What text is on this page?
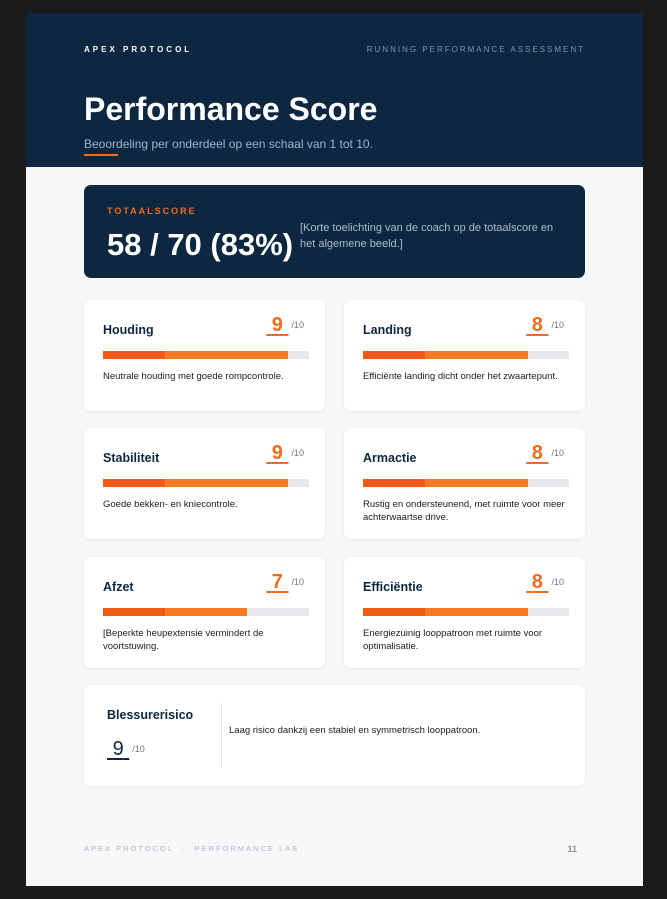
APEX PROTOCOL	RUNNING PERFORMANCE ASSESSMENT
Performance Score
Beoordeling per onderdeel op een schaal van 1 tot 10.
TOTAALSCORE
58 / 70 (83%) [Korte toelichting van de coach op de totaalscore en het algemene beeld.]
Houding	9 /10
Neutrale houding met goede rompcontrole.
Landing	8 /10
Efficiënte landing dicht onder het zwaartepunt.
Stabiliteit	9 /10
Goede bekken- en kniecontrole.
Armactie	8 /10
Rustig en ondersteunend, met ruimte voor meer achterwaartse drive.
Afzet	7 /10
[Beperkte heupextensie vermindert de voortstuwing.
Efficiëntie	8 /10
Energiezuinig looppatroon met ruimte voor optimalisatie.
Blessurerisico
9 /10
Laag risico dankzij een stabiel en symmetrisch looppatroon.
APEX PROTOCOL · PERFORMANCE LAB	11
